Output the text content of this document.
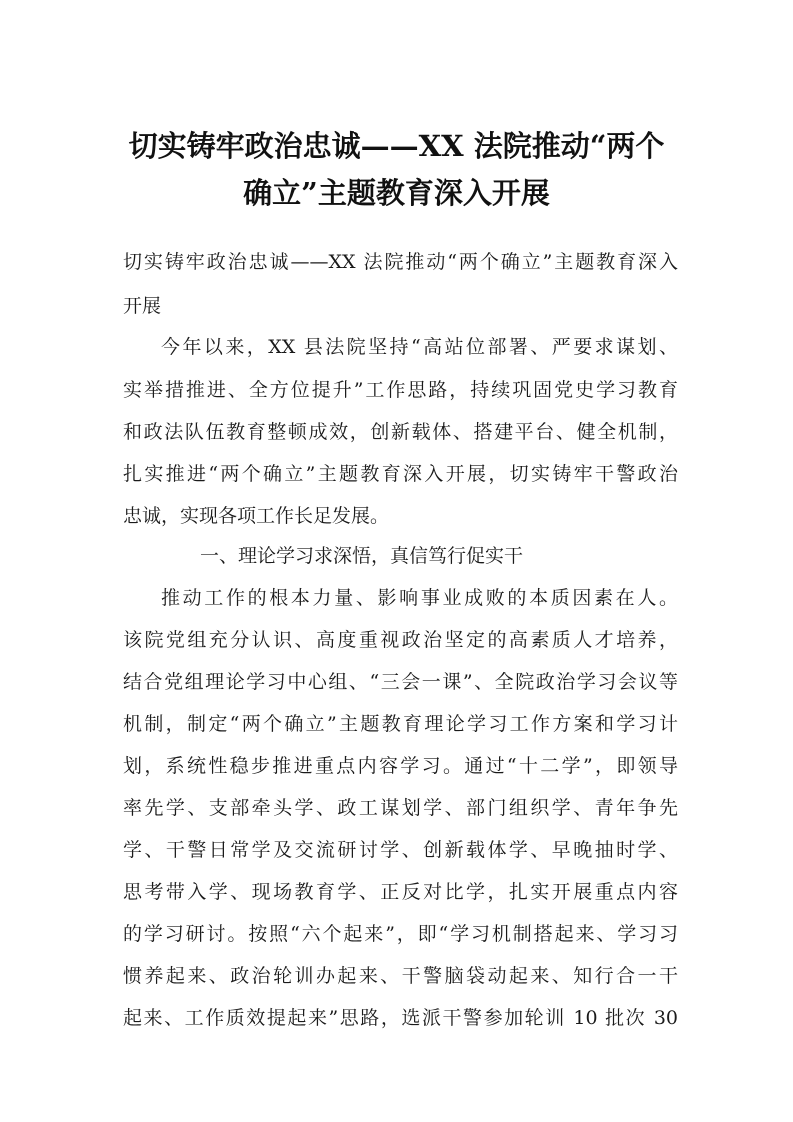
切实铸牢政治忠诚——XX 法院推动“两个
确立”主题教育深入开展
切实铸牢政治忠诚——XX 法院推动“两个确立”主题教育深入
开展
今年以来，XX 县法院坚持“高站位部署、严要求谋划、
实举措推进、全方位提升”工作思路，持续巩固党史学习教育
和政法队伍教育整顿成效，创新载体、搭建平台、健全机制，
扎实推进“两个确立”主题教育深入开展，切实铸牢干警政治
忠诚，实现各项工作长足发展。
一、理论学习求深悟，真信笃行促实干
推动工作的根本力量、影响事业成败的本质因素在人。
该院党组充分认识、高度重视政治坚定的高素质人才培养，
结合党组理论学习中心组、“三会一课”、全院政治学习会议等
机制，制定“两个确立”主题教育理论学习工作方案和学习计
划，系统性稳步推进重点内容学习。通过“十二学”，即领导
率先学、支部牵头学、政工谋划学、部门组织学、青年争先
学、干警日常学及交流研讨学、创新载体学、早晚抽时学、
思考带入学、现场教育学、正反对比学，扎实开展重点内容
的学习研讨。按照“六个起来”，即“学习机制搭起来、学习习
惯养起来、政治轮训办起来、干警脑袋动起来、知行合一干
起来、工作质效提起来”思路，选派干警参加轮训 10 批次 30
